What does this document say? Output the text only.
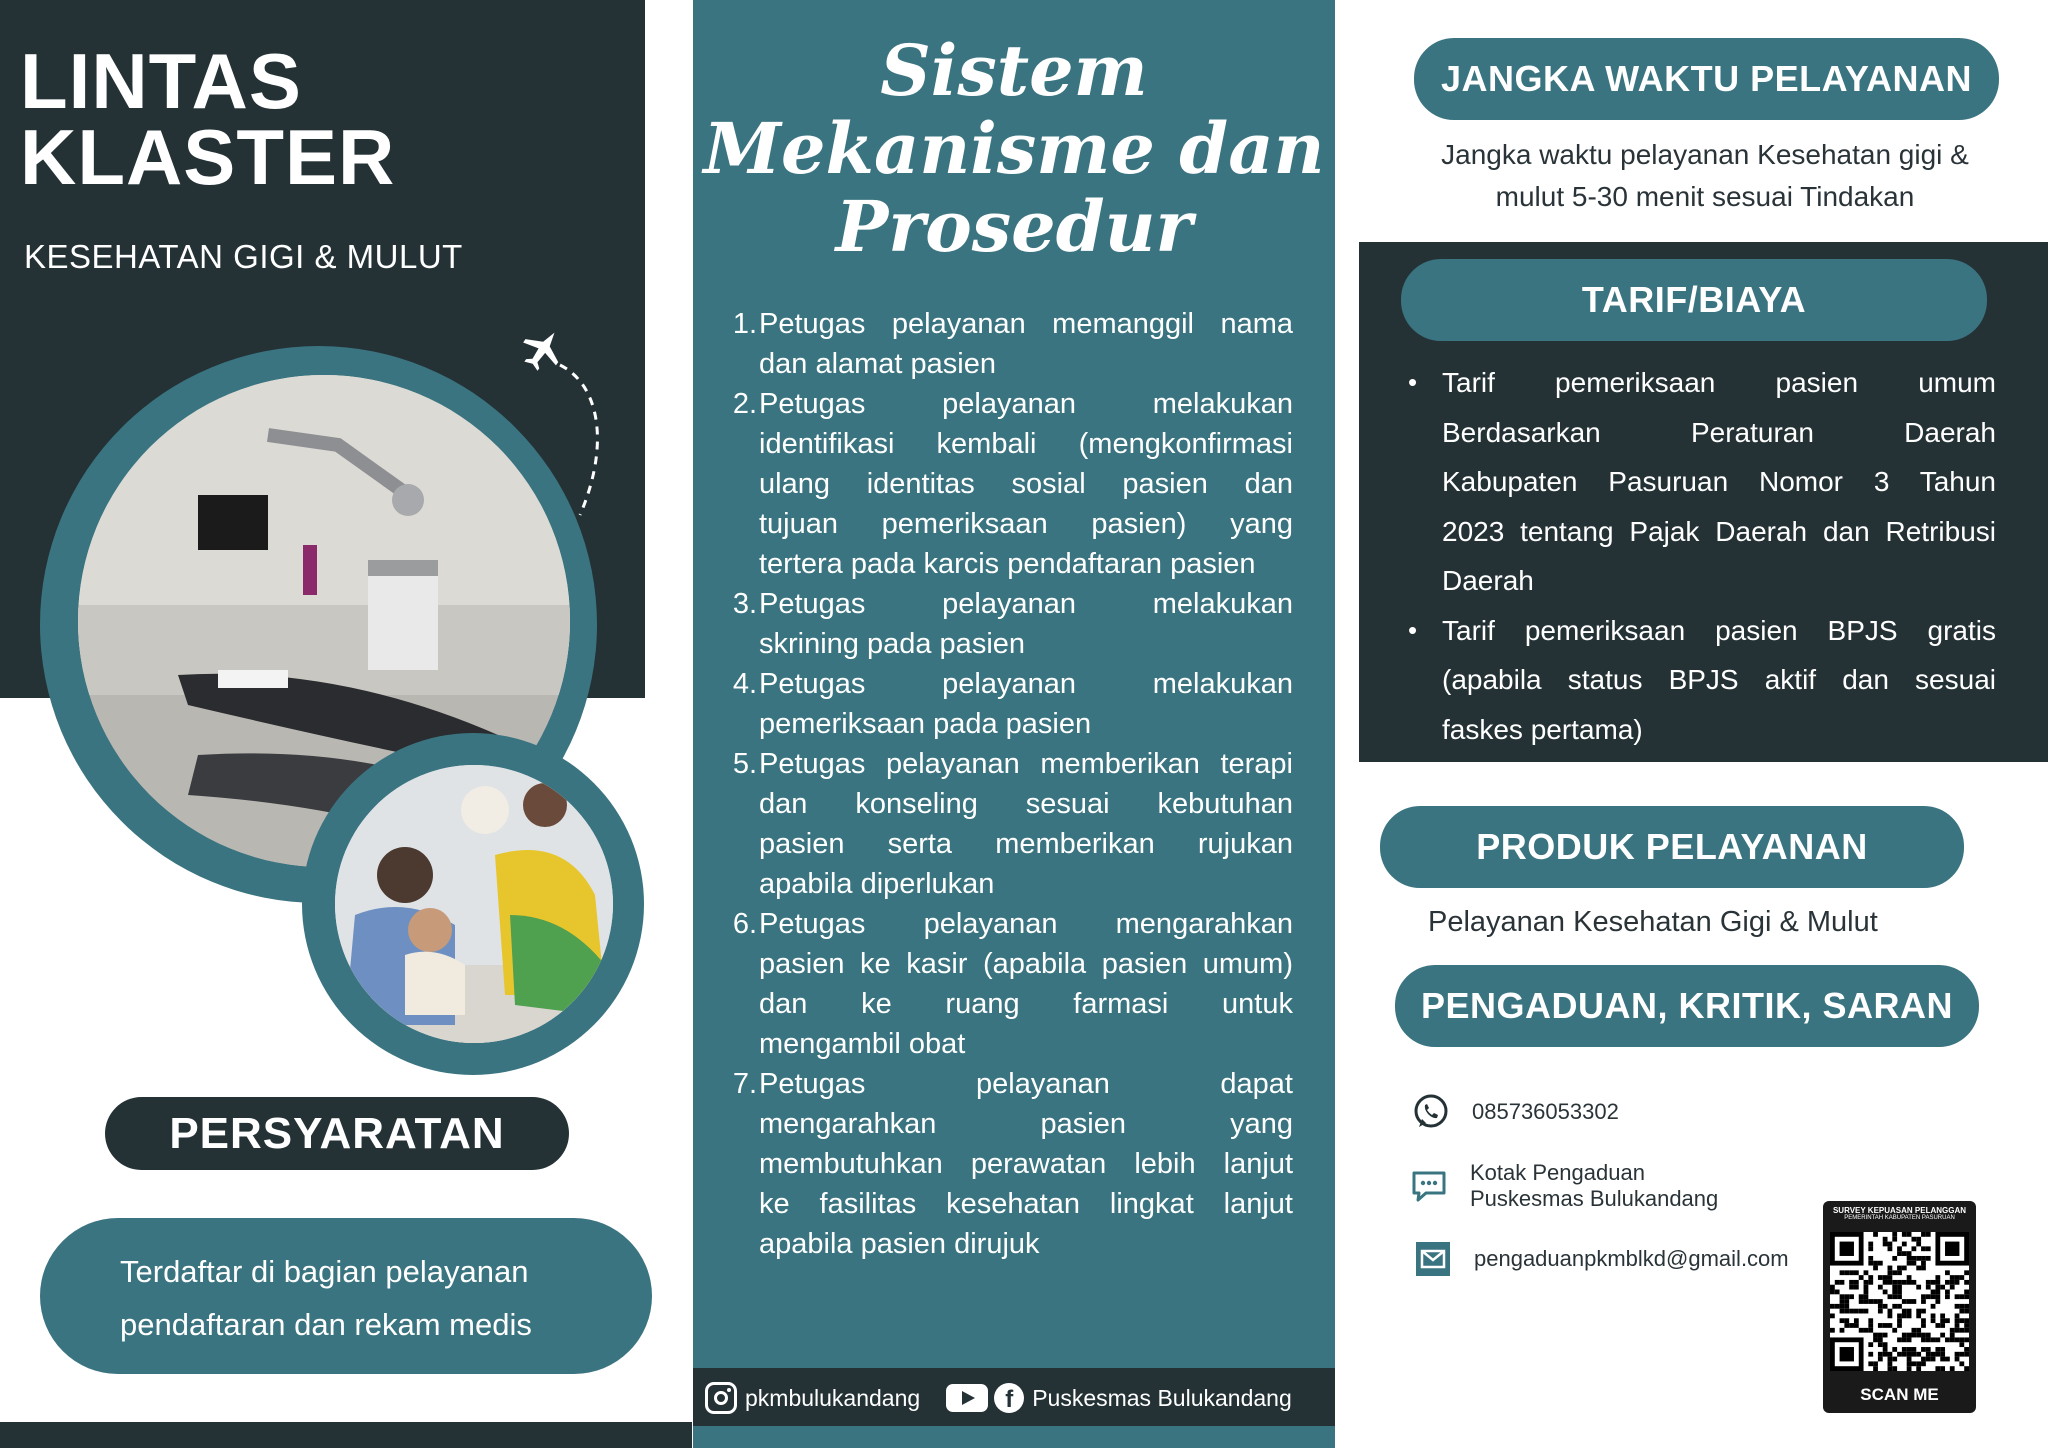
LINTAS
KLASTER
KESEHATAN GIGI & MULUT
PERSYARATAN
Terdaftar di bagian pelayanan
pendaftaran dan rekam medis
Sistem
Mekanisme dan
Prosedur
1. Petugas pelayanan memanggil nama
dan alamat pasien
2. Petugas pelayanan melakukan
identifikasi kembali (mengkonfirmasi
ulang identitas sosial pasien dan
tujuan pemeriksaan pasien) yang
tertera pada karcis pendaftaran pasien
3. Petugas pelayanan melakukan
skrining pada pasien
4. Petugas pelayanan melakukan
pemeriksaan pada pasien
5. Petugas pelayanan memberikan terapi
dan konseling sesuai kebutuhan
pasien serta memberikan rujukan
apabila diperlukan
6. Petugas pelayanan mengarahkan
pasien ke kasir (apabila pasien umum)
dan ke ruang farmasi untuk
mengambil obat
7. Petugas pelayanan dapat
mengarahkan pasien yang
membutuhkan perawatan lebih lanjut
ke fasilitas kesehatan lingkat lanjut
apabila pasien dirujuk
pkmbulukandang	f Puskesmas Bulukandang
JANGKA WAKTU PELAYANAN
Jangka waktu pelayanan Kesehatan gigi &
mulut 5-30 menit sesuai Tindakan
TARIF/BIAYA
• Tarif pemeriksaan pasien umum
Berdasarkan Peraturan Daerah
Kabupaten Pasuruan Nomor 3 Tahun
2023 tentang Pajak Daerah dan Retribusi
Daerah
• Tarif pemeriksaan pasien BPJS gratis
(apabila status BPJS aktif dan sesuai
faskes pertama)
PRODUK PELAYANAN
Pelayanan Kesehatan Gigi & Mulut
PENGADUAN, KRITIK, SARAN
085736053302
Kotak Pengaduan
Puskesmas Bulukandang
pengaduanpkmblkd@gmail.com
SURVEY KEPUASAN PELANGGAN
PEMERINTAH KABUPATEN PASURUAN
SCAN ME
